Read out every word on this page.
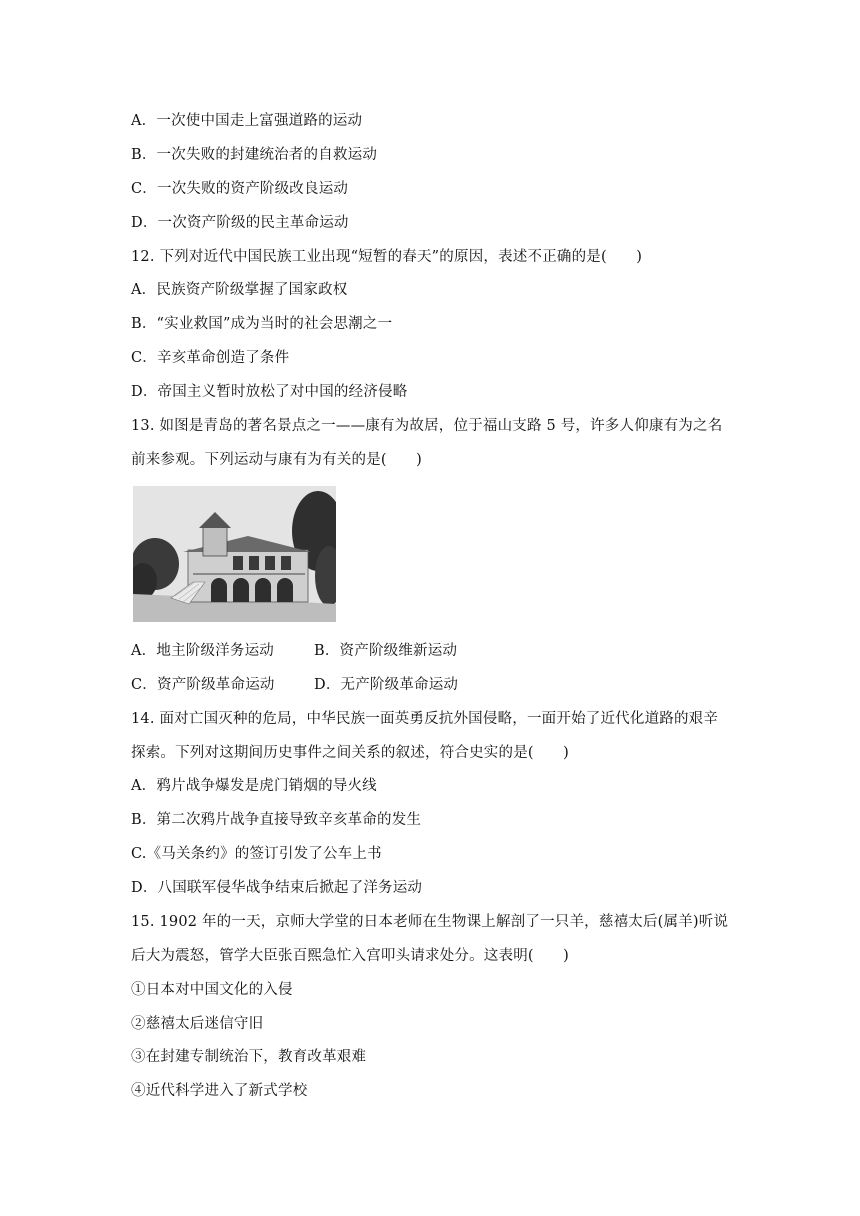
A．一次使中国走上富强道路的运动
B．一次失败的封建统治者的自救运动
C．一次失败的资产阶级改良运动
D．一次资产阶级的民主革命运动
12. 下列对近代中国民族工业出现“短暂的春天”的原因，表述不正确的是(　　)
A．民族资产阶级掌握了国家政权
B．“实业救国”成为当时的社会思潮之一
C．辛亥革命创造了条件
D．帝国主义暂时放松了对中国的经济侵略
13. 如图是青岛的著名景点之一——康有为故居，位于福山支路 5 号，许多人仰康有为之名
前来参观。下列运动与康有为有关的是(　　)
A．地主阶级洋务运动	B．资产阶级维新运动
C．资产阶级革命运动	D．无产阶级革命运动
14. 面对亡国灭种的危局，中华民族一面英勇反抗外国侵略，一面开始了近代化道路的艰辛
探索。下列对这期间历史事件之间关系的叙述，符合史实的是(　　)
A．鸦片战争爆发是虎门销烟的导火线
B．第二次鸦片战争直接导致辛亥革命的发生
C.《马关条约》的签订引发了公车上书
D．八国联军侵华战争结束后掀起了洋务运动
15. 1902 年的一天，京师大学堂的日本老师在生物课上解剖了一只羊，慈禧太后(属羊)听说
后大为震怒，管学大臣张百熙急忙入宫叩头请求处分。这表明(　　)
①日本对中国文化的入侵
②慈禧太后迷信守旧
③在封建专制统治下，教育改革艰难
④近代科学进入了新式学校
